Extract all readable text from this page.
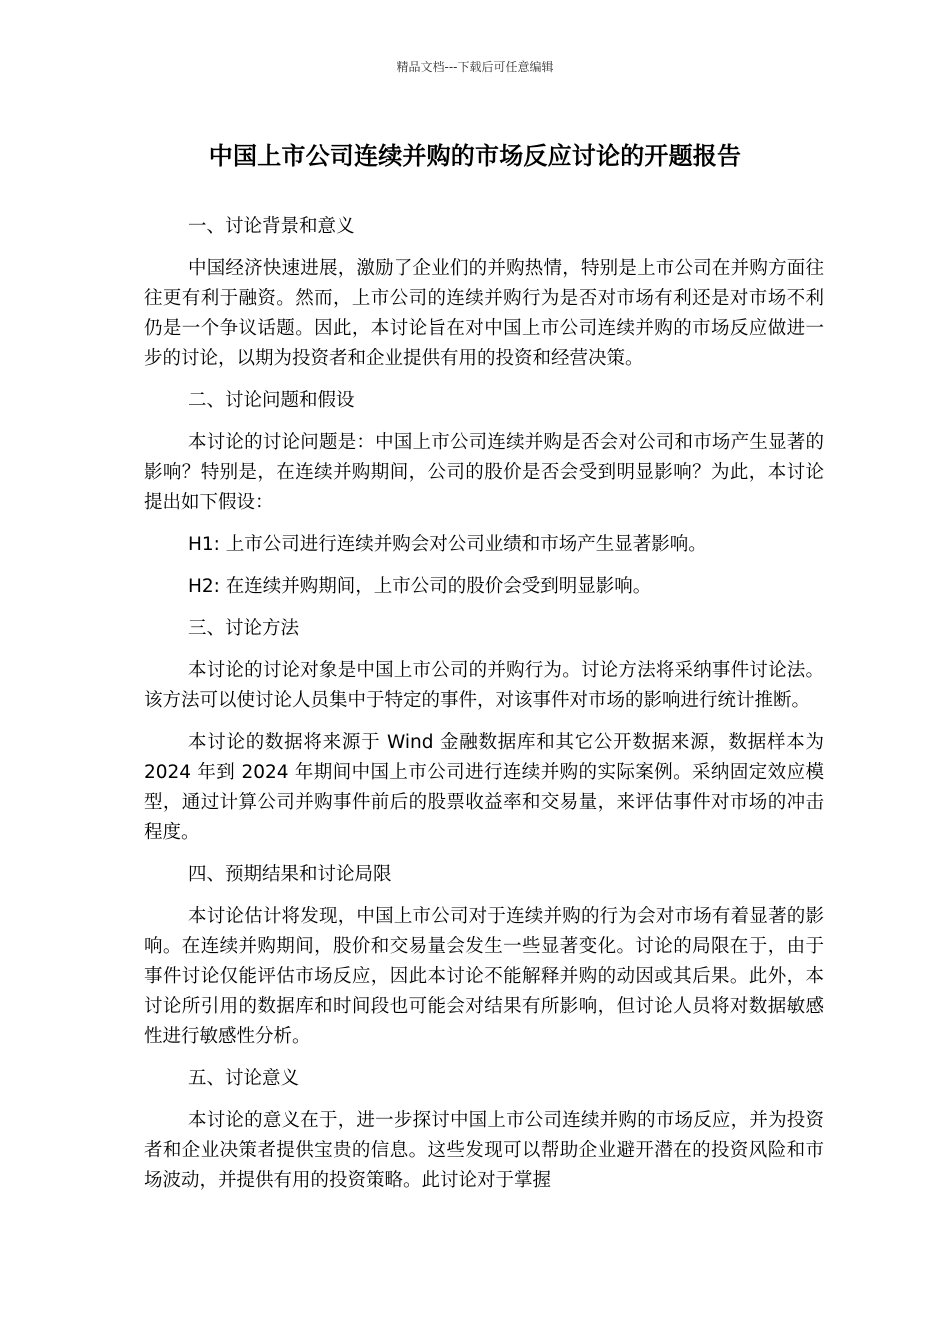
精品文档---下载后可任意编辑
中国上市公司连续并购的市场反应讨论的开题报告
一、讨论背景和意义
中国经济快速进展，激励了企业们的并购热情，特别是上市公司在并购方面往往更有利于融资。然而，上市公司的连续并购行为是否对市场有利还是对市场不利仍是一个争议话题。因此，本讨论旨在对中国上市公司连续并购的市场反应做进一步的讨论，以期为投资者和企业提供有用的投资和经营决策。
二、讨论问题和假设
本讨论的讨论问题是：中国上市公司连续并购是否会对公司和市场产生显著的影响？特别是，在连续并购期间，公司的股价是否会受到明显影响？为此，本讨论提出如下假设：
H1: 上市公司进行连续并购会对公司业绩和市场产生显著影响。
H2: 在连续并购期间，上市公司的股价会受到明显影响。
三、讨论方法
本讨论的讨论对象是中国上市公司的并购行为。讨论方法将采纳事件讨论法。该方法可以使讨论人员集中于特定的事件，对该事件对市场的影响进行统计推断。
本讨论的数据将来源于 Wind 金融数据库和其它公开数据来源，数据样本为 2024 年到 2024 年期间中国上市公司进行连续并购的实际案例。采纳固定效应模型，通过计算公司并购事件前后的股票收益率和交易量，来评估事件对市场的冲击程度。
四、预期结果和讨论局限
本讨论估计将发现，中国上市公司对于连续并购的行为会对市场有着显著的影响。在连续并购期间，股价和交易量会发生一些显著变化。讨论的局限在于，由于事件讨论仅能评估市场反应，因此本讨论不能解释并购的动因或其后果。此外，本讨论所引用的数据库和时间段也可能会对结果有所影响，但讨论人员将对数据敏感性进行敏感性分析。
五、讨论意义
本讨论的意义在于，进一步探讨中国上市公司连续并购的市场反应，并为投资者和企业决策者提供宝贵的信息。这些发现可以帮助企业避开潜在的投资风险和市场波动，并提供有用的投资策略。此讨论对于掌握
